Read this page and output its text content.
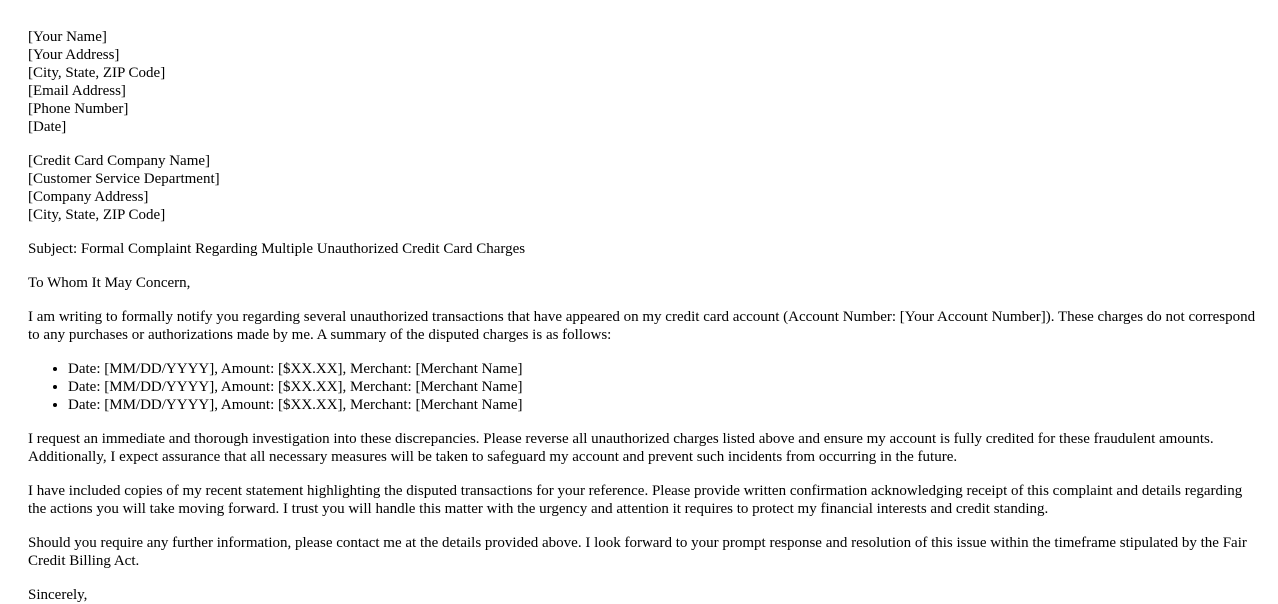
[Your Name]
[Your Address]
[City, State, ZIP Code]
[Email Address]
[Phone Number]
[Date]
[Credit Card Company Name]
[Customer Service Department]
[Company Address]
[City, State, ZIP Code]

Subject: Formal Complaint Regarding Multiple Unauthorized Credit Card Charges

To Whom It May Concern,

I am writing to formally notify you regarding several unauthorized transactions that have appeared on my credit card account (Account Number: [Your Account Number]). These charges do not correspond to any purchases or authorizations made by me. A summary of the disputed charges is as follows:

• Date: [MM/DD/YYYY], Amount: [$XX.XX], Merchant: [Merchant Name]
• Date: [MM/DD/YYYY], Amount: [$XX.XX], Merchant: [Merchant Name]
• Date: [MM/DD/YYYY], Amount: [$XX.XX], Merchant: [Merchant Name]

I request an immediate and thorough investigation into these discrepancies. Please reverse all unauthorized charges listed above and ensure my account is fully credited for these fraudulent amounts. Additionally, I expect assurance that all necessary measures will be taken to safeguard my account and prevent such incidents from occurring in the future.

I have included copies of my recent statement highlighting the disputed transactions for your reference. Please provide written confirmation acknowledging receipt of this complaint and details regarding the actions you will take moving forward. I trust you will handle this matter with the urgency and attention it requires to protect my financial interests and credit standing.

Should you require any further information, please contact me at the details provided above. I look forward to your prompt response and resolution of this issue within the timeframe stipulated by the Fair Credit Billing Act.

Sincerely,
